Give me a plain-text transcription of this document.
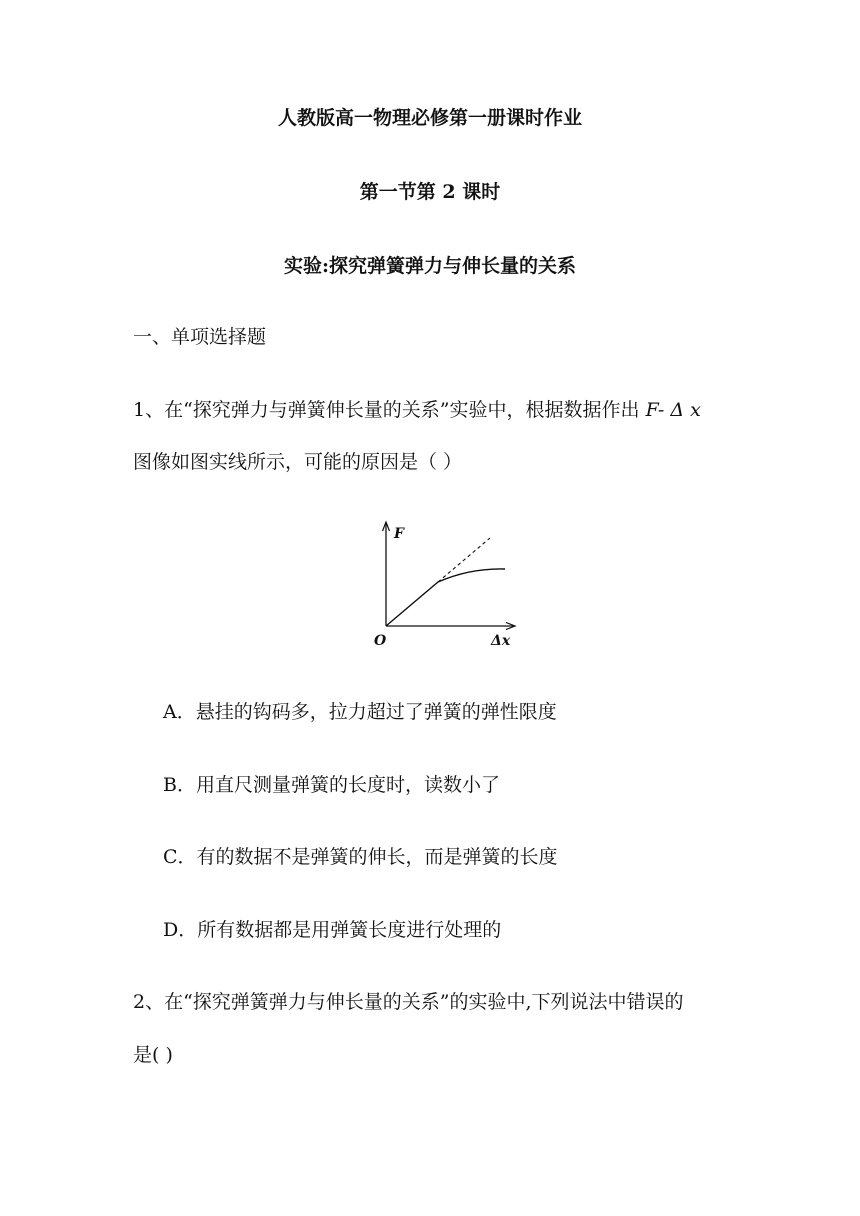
人教版高一物理必修第一册课时作业
第一节第 2 课时
实验:探究弹簧弹力与伸长量的关系
一、单项选择题
1、在“探究弹力与弹簧伸长量的关系”实验中，根据数据作出 F- Δ x
图像如图实线所示，可能的原因是（ ）
F
O	Δx
A．悬挂的钩码多，拉力超过了弹簧的弹性限度
B．用直尺测量弹簧的长度时，读数小了
C．有的数据不是弹簧的伸长，而是弹簧的长度
D．所有数据都是用弹簧长度进行处理的
2、在“探究弹簧弹力与伸长量的关系”的实验中,下列说法中错误的
是( )
